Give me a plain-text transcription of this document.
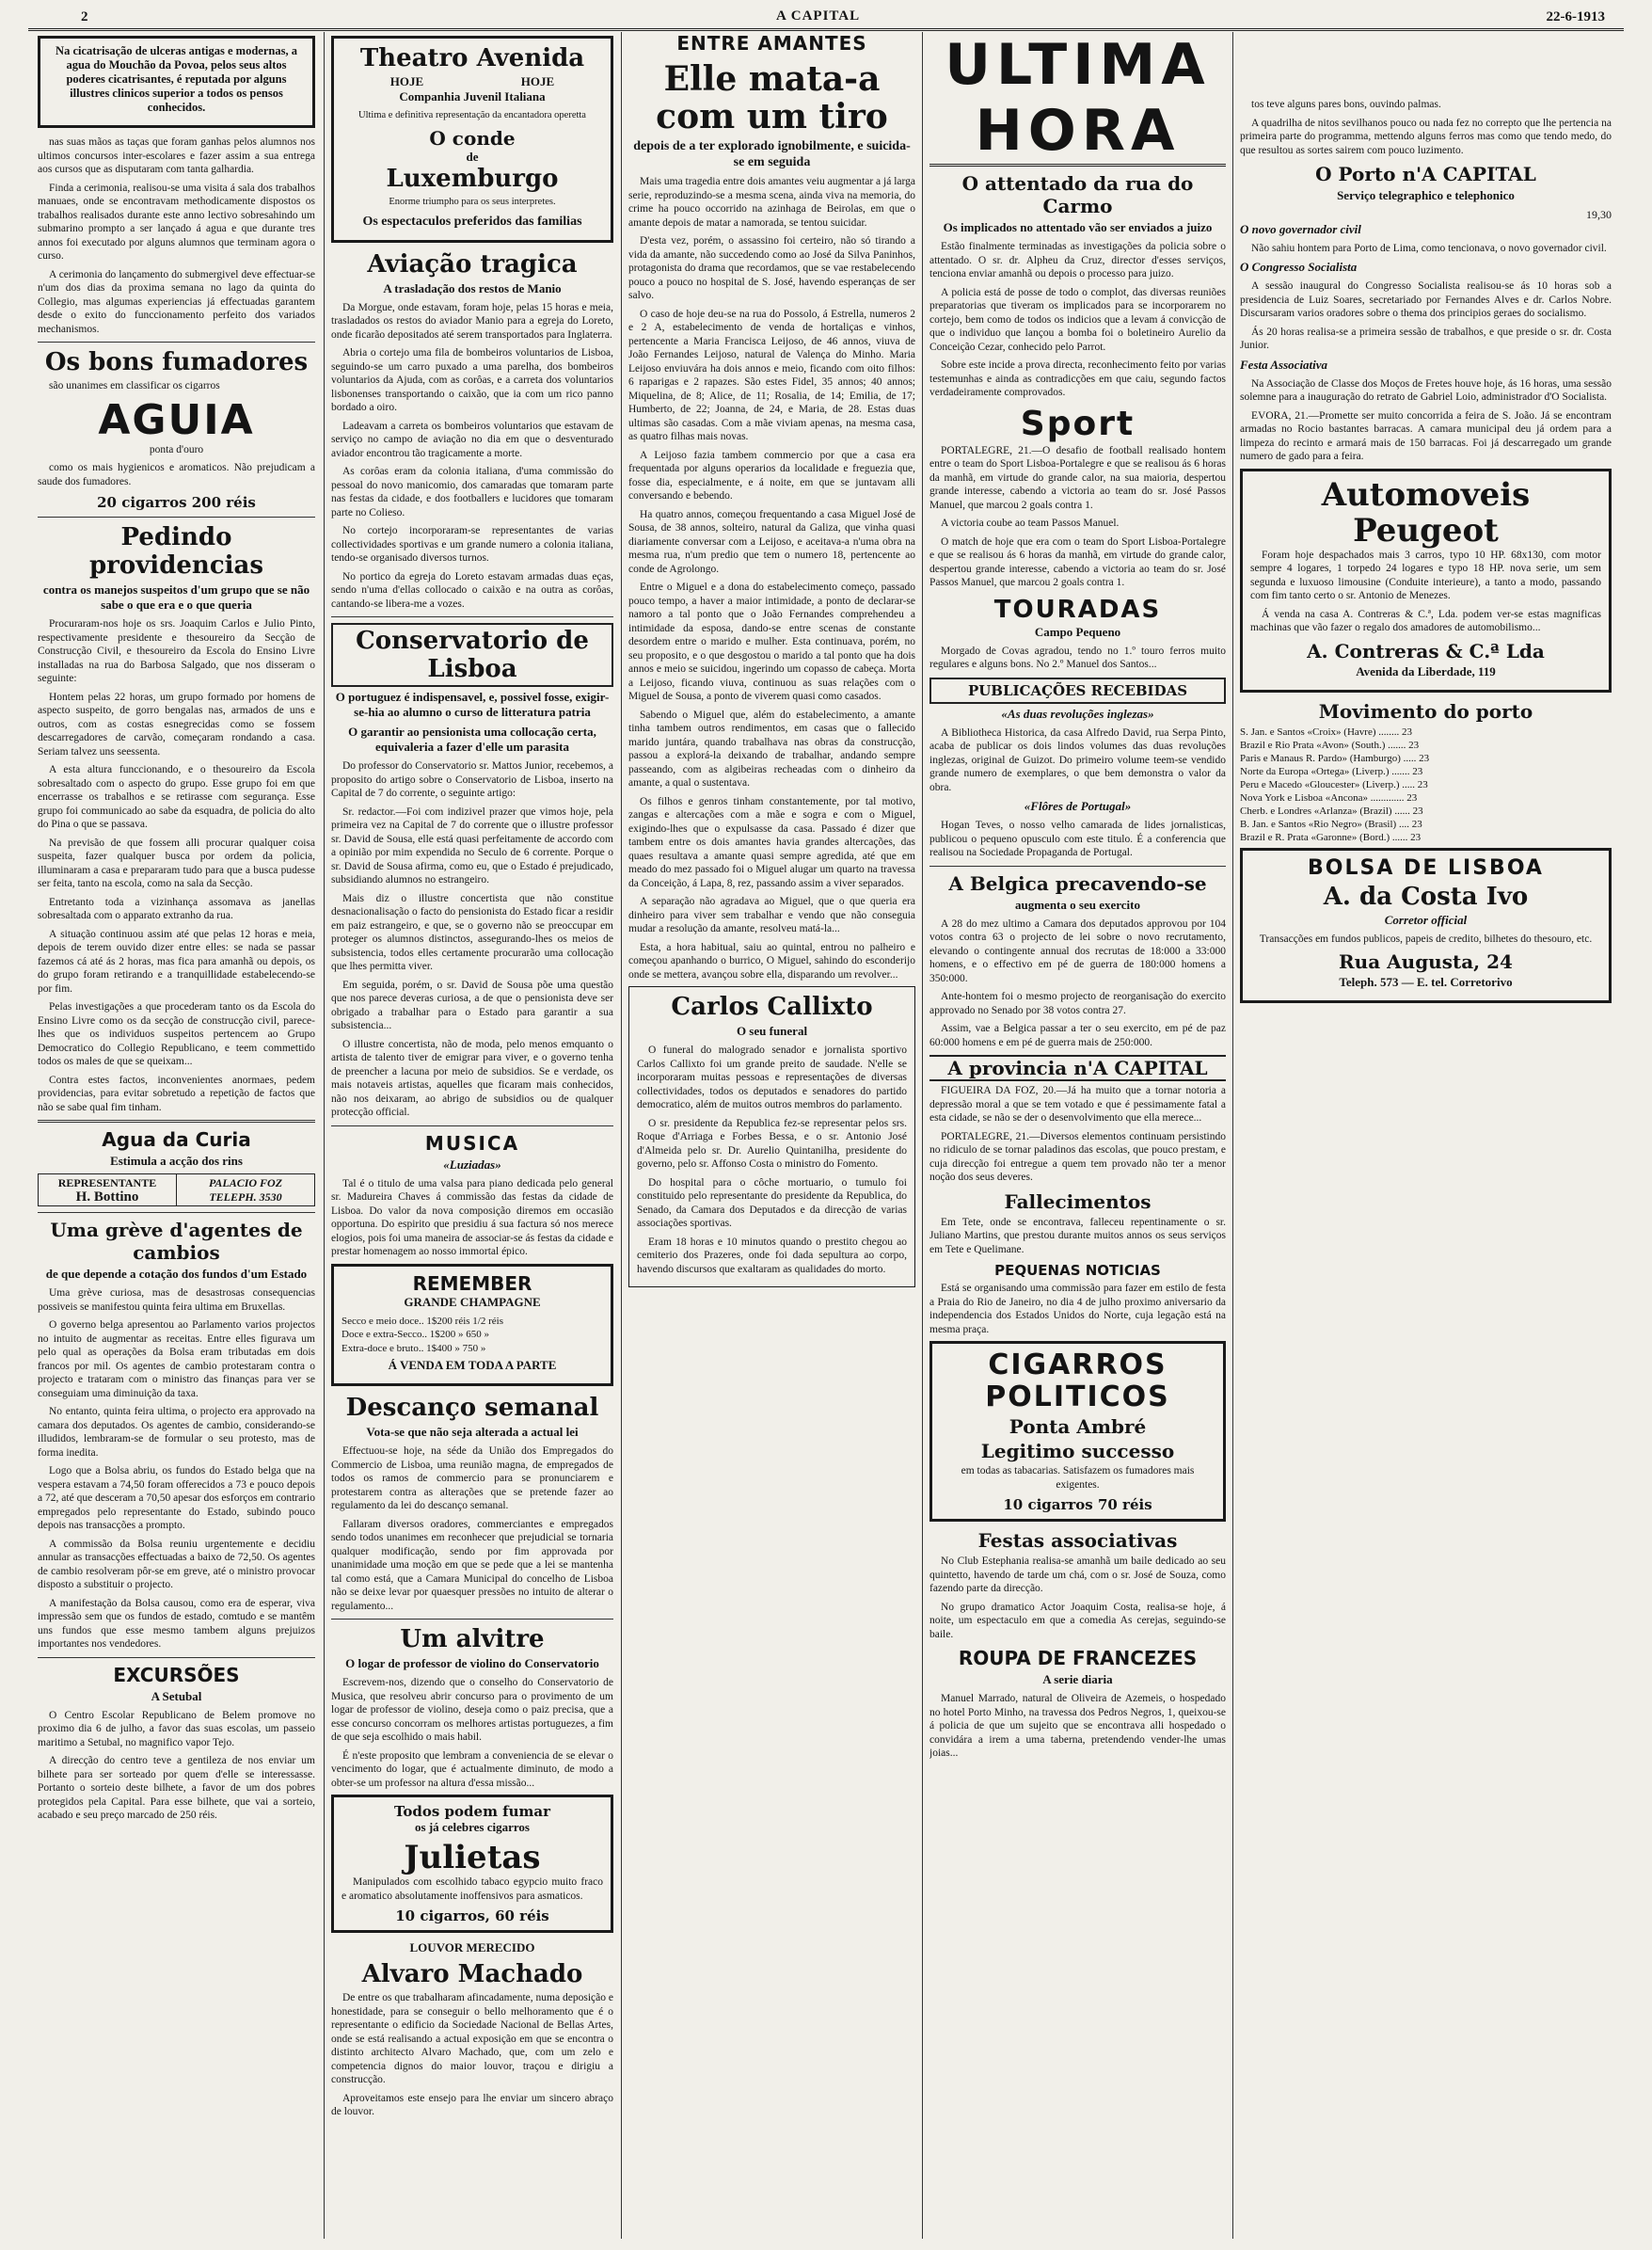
2	A CAPITAL	22-6-1913

Na cicatrisação de ulceras antigas e modernas, a agua do Mouchão da Povoa, pelos seus altos poderes cicatrisantes, é reputada por alguns illustres clinicos superior a todos os pensos conhecidos.

nas suas mãos as taças que foram ganhas pelos alumnos nos ultimos concursos inter-escolares e fazer assim a sua entrega aos cursos que as disputaram com tanta galhardia.

Finda a cerimonia, realisou-se uma visita á sala dos trabalhos manuaes, onde se encontravam methodicamente dispostos os trabalhos realisados durante este anno lectivo sobresahindo um submarino prompto a ser lançado á agua e que durante tres annos foi executado por alguns alumnos que terminam agora o curso.

A cerimonia do lançamento do submergivel deve effectuar-se n'um dos dias da proxima semana no lago da quinta do Collegio, mas algumas experiencias já effectuadas garantem desde o exito do funccionamento perfeito dos variados mechanismos.

Os bons fumadores

são unanimes em classificar os cigarros

AGUIA

ponta d'ouro

como os mais hygienicos e aromaticos. Não prejudicam a saude dos fumadores.

20 cigarros 200 réis
Pedindo providencias
contra os manejos suspeitos d'um grupo que se não sabe o que era e o que queria

Procuraram-nos hoje os srs. Joaquim Carlos e Julio Pinto, respectivamente presidente e thesoureiro da Secção de Construcção Civil, e thesoureiro da Escola do Ensino Livre installadas na rua do Barbosa Salgado, que nos disseram o seguinte:

Hontem pelas 22 horas, um grupo formado por homens de aspecto suspeito, de gorro bengalas nas, armados de uns e outros, com as costas esnegrecidas como se fossem descarregadores de carvão, começaram rondando a casa. Seriam talvez uns seessenta.

A esta altura funccionando, e o thesoureiro da Escola sobresaltado com o aspecto do grupo. Esse grupo foi em que encerrasse os trabalhos e se retirasse com segurança. Esse grupo foi communicado ao sabe da esquadra, de policia do alto do Pina o que se passava.

Na previsão de que fossem alli procurar qualquer coisa suspeita, fazer qualquer busca por ordem da policia, illuminaram a casa e prepararam tudo para que a busca pudesse ser feita, tanto na escola, como na sala da Secção.

Entretanto toda a vizinhança assomava as janellas sobresaltada com o apparato extranho da rua.

A situação continuou assim até que pelas 12 horas e meia, depois de terem ouvido dizer entre elles: se nada se passar fazemos cá até ás 2 horas, mas fica para amanhã ou depois, os do grupo foram retirando e a tranquillidade estabelecendo-se por fim.

Pelas investigações a que procederam tanto os da Escola do Ensino Livre como os da secção de construcção civil, parece-lhes que os individuos suspeitos pertencem ao Grupo Democratico do Collegio Republicano, e teem commettido todos os males de que se queixam...

Contra estes factos, inconvenientes anormaes, pedem providencias, para evitar sobretudo a repetição de factos que não se sabe qual fim tinham.

Agua da Curia
Estimula a acção dos rins
REPRESENTANTE
H. Bottino
PALACIO FOZ
TELEPH. 3530
Uma grève d'agentes de cambios
de que depende a cotação dos fundos d'um Estado

Uma grève curiosa, mas de desastrosas consequencias possiveis se manifestou quinta feira ultima em Bruxellas.

O governo belga apresentou ao Parlamento varios projectos no intuito de augmentar as receitas. Entre elles figurava um pelo qual as operações da Bolsa eram tributadas em dois francos por mil. Os agentes de cambio protestaram contra o projecto e trataram com o ministro das finanças para ver se conseguiam uma diminuição da taxa.

No entanto, quinta feira ultima, o projecto era approvado na camara dos deputados. Os agentes de cambio, considerando-se illudidos, lembraram-se de formular o seu protesto, mas de forma inedita.

Logo que a Bolsa abriu, os fundos do Estado belga que na vespera estavam a 74,50 foram offerecidos a 73 e pouco depois a 72, até que desceram a 70,50 apesar dos esforços em contrario empregados pelo representante do Estado, subindo pouco depois nas transacções a prompto.

A commissão da Bolsa reuniu urgentemente e decidiu annular as transacções effectuadas a baixo de 72,50. Os agentes de cambio resolveram pôr-se em greve, até o ministro provocar disposto a substituir o projecto.

A manifestação da Bolsa causou, como era de esperar, viva impressão sem que os fundos de estado, comtudo e se mantêm uns fundos que esse mesmo tambem alguns prejuizos importantes nos vendedores.

EXCURSÕES
A Setubal

O Centro Escolar Republicano de Belem promove no proximo dia 6 de julho, a favor das suas escolas, um passeio maritimo a Setubal, no magnifico vapor Tejo.

A direcção do centro teve a gentileza de nos enviar um bilhete para ser sorteado por quem d'elle se interessasse. Portanto o sorteio deste bilhete, a favor de um dos pobres protegidos pela Capital. Para esse bilhete, que vai a sorteio, acabado e seu preço marcado de 250 réis.

Theatro Avenida
HOJE	HOJE
Companhia Juvenil Italiana

Ultima e definitiva representação da encantadora operetta

O conde
de
Luxemburgo

Enorme triumpho para os seus interpretes.

Os espectaculos preferidos das familias
Aviação tragica
A trasladação dos restos de Manio

Da Morgue, onde estavam, foram hoje, pelas 15 horas e meia, trasladados os restos do aviador Manio para a egreja do Loreto, onde ficarão depositados até serem transportados para Inglaterra.

Abria o cortejo uma fila de bombeiros voluntarios de Lisboa, seguindo-se um carro puxado a uma parelha, dos bombeiros voluntarios da Ajuda, com as corôas, e a carreta dos voluntarios lisbonenses transportando o caixão, que ia com um rico panno bordado a oiro.

Ladeavam a carreta os bombeiros voluntarios que estavam de serviço no campo de aviação no dia em que o desventurado aviador encontrou tão tragicamente a morte.

As corôas eram da colonia italiana, d'uma commissão do pessoal do novo manicomio, dos camaradas que tomaram parte nas festas da cidade, e dos footballers e lucidores que tomaram parte no Colieso.

No cortejo incorporaram-se representantes de varias collectividades sportivas e um grande numero a colonia italiana, tendo-se organisado diversos turnos.

No portico da egreja do Loreto estavam armadas duas eças, sendo n'uma d'ellas collocado o caixão e na outra as corôas, cantando-se libera-me a vozes.

Conservatorio de Lisboa
O portuguez é indispensavel, e, possivel fosse, exigir-se-hia ao alumno o curso de litteratura patria
O garantir ao pensionista uma collocação certa, equivaleria a fazer d'elle um parasita

Do professor do Conservatorio sr. Mattos Junior, recebemos, a proposito do artigo sobre o Conservatorio de Lisboa, inserto na Capital de 7 do corrente, o seguinte artigo:

Sr. redactor.—Foi com indizivel prazer que vimos hoje, pela primeira vez na Capital de 7 do corrente que o illustre professor sr. David de Sousa, elle está quasi perfeitamente de accordo com a opinião por mim expendida no Seculo de 6 corrente. Porque o sr. David de Sousa afirma, como eu, que o Estado é prejudicado, subsidiando alumnos no estrangeiro.

Mais diz o illustre concertista que não constitue desnacionalisação o facto do pensionista do Estado ficar a residir em paiz estrangeiro, e que, se o governo não se preoccupar em proteger os alumnos distinctos, assegurando-lhes os meios de subsistencia, todos elles certamente procurarão uma collocação que lhes permitta viver.

Em seguida, porém, o sr. David de Sousa põe uma questão que nos parece deveras curiosa, a de que o pensionista deve ser obrigado a trabalhar para o Estado para garantir a sua subsistencia...

O illustre concertista, não de moda, pelo menos emquanto o artista de talento tiver de emigrar para viver, e o governo tenha de preencher a lacuna por meio de subsidios. Se e verdade, os mais notaveis artistas, aquelles que ficaram mais conhecidos, não nos deixaram, ao abrigo de subsidios ou de qualquer protecção official.

MUSICA
«Luziadas»

Tal é o titulo de uma valsa para piano dedicada pelo general sr. Madureira Chaves á commissão das festas da cidade de Lisboa. Do valor da nova composição diremos em occasião opportuna. Do espirito que presidiu á sua factura só nos merece elogios, pois foi uma maneira de associar-se ás festas da cidade e prestar homenagem ao nosso immortal épico.

REMEMBER
GRANDE CHAMPAGNE
Secco e meio doce.. 1$200 réis 1/2 réis
Doce e extra-Secco.. 1$200 » 650 »
Extra-doce e bruto.. 1$400 » 750 »
Á VENDA EM TODA A PARTE
Descanço semanal
Vota-se que não seja alterada a actual lei

Effectuou-se hoje, na séde da União dos Empregados do Commercio de Lisboa, uma reunião magna, de empregados de todos os ramos de commercio para se pronunciarem e protestarem contra as alterações que se pretende fazer ao regulamento da lei do descanço semanal.

Fallaram diversos oradores, commerciantes e empregados sendo todos unanimes em reconhecer que prejudicial se tornaria qualquer modificação, sendo por fim approvada por unanimidade uma moção em que se pede que a lei se mantenha tal como está, que a Camara Municipal do concelho de Lisboa não se deixe levar por quaesquer pressões no intuito de alterar o regulamento...

Um alvitre
O logar de professor de violino do Conservatorio

Escrevem-nos, dizendo que o conselho do Conservatorio de Musica, que resolveu abrir concurso para o provimento de um logar de professor de violino, deseja como o paiz precisa, que a esse concurso concorram os melhores artistas portuguezes, a fim de que seja escolhido o mais habil.

É n'este proposito que lembram a conveniencia de se elevar o vencimento do logar, que é actualmente diminuto, de modo a obter-se um professor na altura d'essa missão...

Todos podem fumar
os já celebres cigarros
Julietas

Manipulados com escolhido tabaco egypcio muito fraco e aromatico absolutamente inoffensivos para asmaticos.

10 cigarros, 60 réis
LOUVOR MERECIDO
Alvaro Machado

De entre os que trabalharam afincadamente, numa deposição e honestidade, para se conseguir o bello melhoramento que é o representante o edificio da Sociedade Nacional de Bellas Artes, onde se está realisando a actual exposição em que se encontra o distinto architecto Alvaro Machado, que, com um zelo e competencia dignos do maior louvor, traçou e dirigiu a construcção.

Aproveitamos este ensejo para lhe enviar um sincero abraço de louvor.

ENTRE AMANTES
Elle mata-a com um tiro
depois de a ter explorado ignobilmente, e suicida-se em seguida

Mais uma tragedia entre dois amantes veiu augmentar a já larga serie, reproduzindo-se a mesma scena, ainda viva na memoria, do crime ha pouco occorrido na azinhaga de Beirolas, em que o amante depois de matar a namorada, se tentou suicidar.

D'esta vez, porém, o assassino foi certeiro, não só tirando a vida da amante, não succedendo como ao José da Silva Paninhos, protagonista do drama que recordamos, que se vae restabelecendo pouco a pouco no hospital de S. José, havendo esperanças de ser salvo.

O caso de hoje deu-se na rua do Possolo, á Estrella, numeros 2 e 2 A, estabelecimento de venda de hortaliças e vinhos, pertencente a Maria Francisca Leijoso, de 46 annos, viuva de João Fernandes Leijoso, natural de Valença do Minho. Maria Leijoso enviuvára ha dois annos e meio, ficando com oito filhos: 6 raparigas e 2 rapazes. São estes Fidel, 35 annos; 40 annos; Miquelina, de 8; Alice, de 11; Rosalia, de 14; Emilia, de 17; Humberto, de 22; Joanna, de 24, e Maria, de 28. Estas duas ultimas são casadas. Com a mãe viviam apenas, na mesma casa, as quatro filhas mais novas.

A Leijoso fazia tambem commercio por que a casa era frequentada por alguns operarios da localidade e freguezia que, fosse dia, especialmente, e á noite, em que se juntavam alli conversando e bebendo.

Ha quatro annos, começou frequentando a casa Miguel José de Sousa, de 38 annos, solteiro, natural da Galiza, que vinha quasi diariamente conversar com a Leijoso, e aceitava-a n'uma obra na mesma rua, n'um predio que tem o numero 18, pertencente ao conde de Agrolongo.

Entre o Miguel e a dona do estabelecimento começo, passado pouco tempo, a haver a maior intimidade, a ponto de declarar-se namoro a tal ponto que o João Fernandes comprehendeu a intimidade da esposa, dando-se entre scenas de constante desordem entre o marido e mulher. Esta continuava, porém, no seu proposito, e o que desgostou o marido a tal ponto que ha dois annos e meio se suicidou, ingerindo um copasso de cabeça. Morta a Leijoso, ficando viuva, continuou as suas relações com o Miguel de Sousa, a ponto de viverem quasi como casados.

Sabendo o Miguel que, além do estabelecimento, a amante tinha tambem outros rendimentos, em casas que o fallecido marido juntára, quando trabalhava nas obras da construcção, passou a explorá-la deixando de trabalhar, andando sempre passeando, com as algibeiras recheadas com o dinheiro da amante, a qual o sustentava.

Os filhos e genros tinham constantemente, por tal motivo, zangas e altercações com a mãe e sogra e com o Miguel, exigindo-lhes que o expulsasse da casa. Passado é dizer que tambem entre os dois amantes havia grandes altercações, das quaes resultava a amante quasi sempre agredida, até que em meado do mez passado foi o Miguel alugar um quarto na travessa da Conceição, á Lapa, 8, rez, passando assim a viver separados.

A separação não agradava ao Miguel, que o que queria era dinheiro para viver sem trabalhar e vendo que não conseguia mudar a resolução da amante, resolveu matá-la...

Esta, a hora habitual, saiu ao quintal, entrou no palheiro e começou apanhando o burrico, O Miguel, sahindo do esconderijo onde se mettera, avançou sobre ella, disparando um revolver...

Carlos Callixto
O seu funeral

O funeral do malogrado senador e jornalista sportivo Carlos Callixto foi um grande preito de saudade. N'elle se incorporaram muitas pessoas e representações de diversas collectividades, todos os deputados e senadores do partido democratico, além de muitos outros membros do parlamento.

O sr. presidente da Republica fez-se representar pelos srs. Roque d'Arriaga e Forbes Bessa, e o sr. Antonio José d'Almeida pelo sr. Dr. Aurelio Quintanilha, presidente do governo, pelo sr. Affonso Costa o ministro do Fomento.

Do hospital para o côche mortuario, o tumulo foi constituido pelo representante do presidente da Republica, do Senado, da Camara dos Deputados e da direcção de varias associações sportivas.

Eram 18 horas e 10 minutos quando o prestito chegou ao cemiterio dos Prazeres, onde foi dada sepultura ao corpo, havendo discursos que exaltaram as qualidades do morto.

ULTIMA HORA
O attentado da rua do Carmo
Os implicados no attentado vão ser enviados a juizo

Estão finalmente terminadas as investigações da policia sobre o attentado. O sr. dr. Alpheu da Cruz, director d'esses serviços, tenciona enviar amanhã ou depois o processo para juizo.

A policia está de posse de todo o complot, das diversas reuniões preparatorias que tiveram os implicados para se incorporarem no cortejo, bem como de todos os indicios que a levam á convicção de que o individuo que lançou a bomba foi o boletineiro Aurelio da Conceição Cezar, conhecido pelo Parrot.

Sobre este incide a prova directa, reconhecimento feito por varias testemunhas e ainda as contradicções em que caiu, segundo factos verdadeiramente comprovados.

Sport

PORTALEGRE, 21.—O desafio de football realisado hontem entre o team do Sport Lisboa-Portalegre e que se realisou ás 6 horas da manhã, em virtude do grande calor, na sua maioria, despertou grande interesse, cabendo a victoria ao team do sr. José Passos Manuel, que marcou 2 goals contra 1.

A victoria coube ao team Passos Manuel.

O match de hoje que era com o team do Sport Lisboa-Portalegre e que se realisou ás 6 horas da manhã, em virtude do grande calor, despertou grande interesse, cabendo a victoria ao team do sr. José Passos Manuel, que marcou 2 goals contra 1.

TOURADAS
Campo Pequeno

Morgado de Covas agradou, tendo no 1.º touro ferros muito regulares e alguns bons. No 2.º Manuel dos Santos...

PUBLICAÇÕES RECEBIDAS
«As duas revoluções inglezas»

A Bibliotheca Historica, da casa Alfredo David, rua Serpa Pinto, acaba de publicar os dois lindos volumes das duas revoluções inglezas, original de Guizot. Do primeiro volume teem-se vendido grande numero de exemplares, o que bem demonstra o valor da obra.

«Flôres de Portugal»

Hogan Teves, o nosso velho camarada de lides jornalisticas, publicou o pequeno opusculo com este titulo. É a conferencia que realisou na Sociedade Propaganda de Portugal.

A Belgica precavendo-se
augmenta o seu exercito

A 28 do mez ultimo a Camara dos deputados approvou por 104 votos contra 63 o projecto de lei sobre o novo recrutamento, elevando o contingente annual dos recrutas de 18:000 a 33:000 homens, e o effectivo em pé de guerra de 180:000 homens a 350:000.

Ante-hontem foi o mesmo projecto de reorganisação do exercito approvado no Senado por 38 votos contra 27.

Assim, vae a Belgica passar a ter o seu exercito, em pé de paz 60:000 homens e em pé de guerra mais de 250:000.

A provincia n'A CAPITAL

FIGUEIRA DA FOZ, 20.—Já ha muito que a tornar notoria a depressão moral a que se tem votado e que é pessimamente fatal a esta cidade, se não se der o desenvolvimento que ella merece...

PORTALEGRE, 21.—Diversos elementos continuam persistindo no ridiculo de se tornar paladinos das escolas, que pouco prestam, e cuja direcção foi entregue a quem tem provado não ter a menor noção dos seus deveres.

Fallecimentos

Em Tete, onde se encontrava, falleceu repentinamente o sr. Juliano Martins, que prestou durante muitos annos os seus serviços em Tete e Quelimane.

PEQUENAS NOTICIAS

Está se organisando uma commissão para fazer em estilo de festa a Praia do Rio de Janeiro, no dia 4 de julho proximo aniversario da independencia dos Estados Unidos do Norte, cuja legação está na mesma praça.

CIGARROS POLITICOS
Ponta Ambré
Legitimo successo

em todas as tabacarias. Satisfazem os fumadores mais exigentes.

10 cigarros 70 réis
Festas associativas

No Club Estephania realisa-se amanhã um baile dedicado ao seu quintetto, havendo de tarde um chá, com o sr. José de Souza, como fazendo parte da direcção.

No grupo dramatico Actor Joaquim Costa, realisa-se hoje, á noite, um espectaculo em que a comedia As cerejas, seguindo-se baile.

ROUPA DE FRANCEZES
A serie diaria

Manuel Marrado, natural de Oliveira de Azemeis, o hospedado no hotel Porto Minho, na travessa dos Pedros Negros, 1, queixou-se á policia de que um sujeito que se encontrava alli hospedado o convidára a irem a uma taberna, pretendendo vender-lhe umas joias...

tos teve alguns pares bons, ouvindo palmas.

A quadrilha de nitos sevilhanos pouco ou nada fez no correpto que lhe pertencia na primeira parte do programma, mettendo alguns ferros mas como que tendo medo, do que resultou as sortes sairem com pouco luzimento.

O Porto n'A CAPITAL
Serviço telegraphico e telephonico
19,30
O novo governador civil

Não sahiu hontem para Porto de Lima, como tencionava, o novo governador civil.

O Congresso Socialista

A sessão inaugural do Congresso Socialista realisou-se ás 10 horas sob a presidencia de Luiz Soares, secretariado por Fernandes Alves e dr. Carlos Nobre. Discursaram varios oradores sobre o thema dos principios geraes do socialismo.

Ás 20 horas realisa-se a primeira sessão de trabalhos, e que preside o sr. dr. Costa Junior.

Festa Associativa

Na Associação de Classe dos Moços de Fretes houve hoje, ás 16 horas, uma sessão solemne para a inauguração do retrato de Gabriel Loio, administrador d'O Socialista.

EVORA, 21.—Promette ser muito concorrida a feira de S. João. Já se encontram armadas no Rocio bastantes barracas. A camara municipal deu já ordem para a limpeza do recinto e armará mais de 150 barracas. Foi já descarregado um grande numero de gado para a feira.

Automoveis Peugeot

Foram hoje despachados mais 3 carros, typo 10 HP. 68x130, com motor sempre 4 logares, 1 torpedo 24 logares e typo 18 HP. nova serie, um sem segunda e luxuoso limousine (Conduite interieure), a tanto a modo, passando com fim tanto certo o sr. Antonio de Menezes.

Á venda na casa A. Contreras & C.ª, Lda. podem ver-se estas magnificas machinas que vão fazer o regalo dos amadores de automobilismo...

A. Contreras & C.ª Lda
Avenida da Liberdade, 119
Movimento do porto
S. Jan. e Santos «Croix» (Havre) ........ 23
Brazil e Rio Prata «Avon» (South.) ....... 23
Paris e Manaus R. Pardo» (Hamburgo) ..... 23
Norte da Europa «Ortega» (Liverp.) ....... 23
Peru e Macedo «Gloucester» (Liverp.) ..... 23
Nova York e Lisboa «Ancona» ............. 23
Cherb. e Londres «Arlanza» (Brazil) ...... 23
B. Jan. e Santos «Rio Negro» (Brasil) .... 23
Brazil e R. Prata «Garonne» (Bord.) ...... 23
BOLSA DE LISBOA
A. da Costa Ivo
Corretor official

Transacções em fundos publicos, papeis de credito, bilhetes do thesouro, etc.

Rua Augusta, 24
Teleph. 573 — E. tel. Corretorivo
